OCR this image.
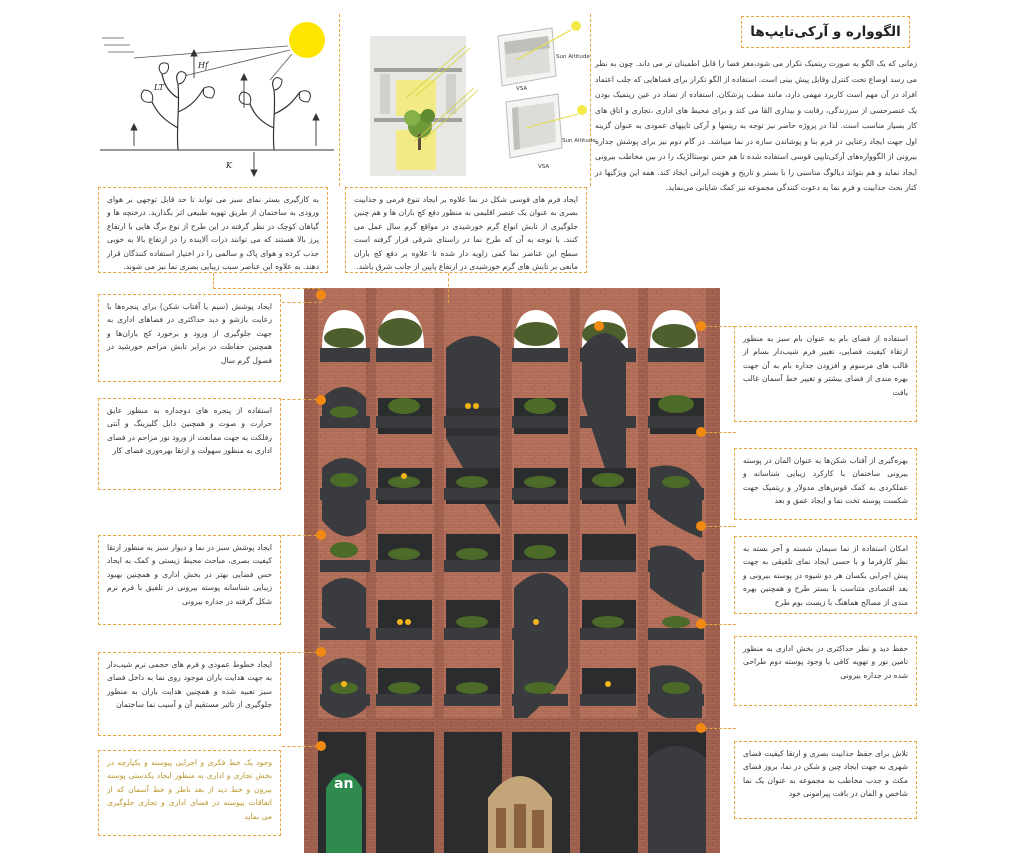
Hf
LT
K
Sun Altitude
VSA
Sun Altitude
VSA
الگوواره و آرکی‌تایپ‌ها

زمانی که یک الگو به صورت ریتمیک تکرار می شود،مغز فضا را قابل اطمینان تر می داند. چون به نظر می رسد اوضاع تحت کنترل وقابل پیش بینی است. استفاده از الگو تکرار برای فضاهایی که جلب اعتماد افراد در آن مهم است کاربرد مهمی دارد، مانند مطب پزشکان. استفاده از تضاد در عین ریتمیک بودن یک عنصرحسی از سرزندگی، رقابت و بیداری القا می کند و برای محیط های اداری ،تجاری و اتاق های کار بسیار مناسب است. لذا در پروژه حاضر نیز توجه به ریتمها و آرکی تایپهای عمودی به عنوان گزینه اول جهت ایجاد رعنایی در فرم بنا و پوشاندن سازه در نما میباشد. در گام دوم نیز برای پوشش جداره بیرونی از الگوواره‌های آرکی‌تایپی قوسی استفاده شده تا هم حس نوستالژیک را در بین مخاطب بیرونی ایجاد نماید و هم بتواند دیالوگ مناسبی را با بستر و تاریخ و هویت ایرانی ایجاد کند. همه این ویژگیها در کنار بحث جذابیت و فرم نما به دعوت کنندگی مجموعه نیز کمک شایانی می‌نماید.

به کارگیری بستر نمای سبز می تواند تا حد قابل توجهی بر هوای ورودی به ساختمان از طریق تهویه طبیعی اثر بگذارید. درختچه ها و گیاهان کوچک در نظر گرفته در این طرح از نوع برگ هایی با ارتفاع پرز بالا هستند که می توانند ذرات آلاینده را در ارتفاع بالا به خوبی جذب کرده و هوای پاک و سالمی را در اختیار استفاده کنندگان قرار دهند. به علاوه این عناصر سبب زیبایی بصری نما نیز می شوند.
ایجاد فرم های قوسی شکل در نما علاوه بر ایجاد تنوع فرمی و جذابیت بصری به عنوان یک عنصر اقلیمی به منظور دفع کج باران ها و هم چنین جلوگیری از تابش انواع گرم خورشیدی در مواقع گرم سال عمل می کنند. با توجه به آن که طرح نما در راستای شرقی قرار گرفته است سطح این عناصر نما کمی زاویه دار شده تا علاوه بر دفع کج باران مانعی بر تابش های گرم خورشیدی در ارتفاع پایین از جانب شرق باشد.
an
ایجاد پوشش (سیم یا آفتاب شکن) برای پنجره‌ها با رعایت بازشو و دید حداکثری در فضاهای اداری به جهت جلوگیری از ورود و برخورد کج باران‌ها و همچنین حفاظت در برابر تابش مزاحم خورشید در فصول گرم سال
استفاده از پنجره های دوجداره به منظور عایق حرارت و صوت و همچنین دابل گلیزینگ و آنتی رفلکت به جهت ممانعت از ورود نور مزاحم در فضای اداری به منظور سهولت و ارتقا بهره‌وری فضای کار
ایجاد پوشش سبز در نما و دیوار سبز به منظور ارتقا کیفیت بصری، مباحث محیط زیستی و کمک به ایجاد حس فضایی بهتر در بخش اداری و همچنین بهبود زیبایی شناسانه پوسته بیرونی در تلفیق با فرم نرم شکل گرفته در جداره بیرونی
ایجاد خطوط عمودی و فرم های حجمی نرم شیب‌دار به جهت هدایت باران موجود روی نما به داخل فضای سبز تعبیه شده و همچنین هدایت باران به منظور جلوگیری از تاثیر مستقیم آن و آسیب نما ساختمان
وجود یک خط فکری و اجرایی پیوسته و یکپارچه در بخش تجاری و اداری به منظور ایجاد یکدستی پوسته بیرون و خط دید از بعد ناظر و خط آسمان که از اتفاقات پیوسته در فضای اداری و تجاری جلوگیری می نماید
استفاده از فضای بام به عنوان بام سبز به منظور ارتقاء کیفیت فضایی، تغییر فرم شیب‌دار بسام از قالب های مرسوم و افزودن جداره بام به آن جهت بهره مندی از فضای بیشتر و تغییر خط آسمان غالب بافت
بهره‌گیری از آفتاب شکن‌ها به عنوان المان در پوسته بیرونی ساختمان با کارکرد زیبایی شناسانه و عملکردی به کمک قوس‌های مدولار و ریتمیک جهت شکست پوسته تخت نما و ایجاد عمق و بعد
امکان استفاده از نما سیمان شسته و آجر بسته به نظر کارفرما و با حسی ایجاد نمای تلفیقی به جهت پیش اجرایی یکسان هر دو شیوه در پوسته بیرونی و بعد اقتصادی متناسب با بستر طرح و همچنین بهره مندی از مصالح هماهنگ با زیست بوم طرح
حفظ دید و نظر حداکثری در بخش اداری به منظور تامین نور و تهویه کافی با وجود پوسته دوم طراحی شده در جداره بیرونی
تلاش برای حفظ جذابیت بصری و ارتقا کیفیت فضای شهری به جهت ایجاد چین و شکن در نما، بروز فضای مکث و جذب مخاطب به مجموعه به عنوان یک نما شاخص و المان در بافت پیرامونی خود
